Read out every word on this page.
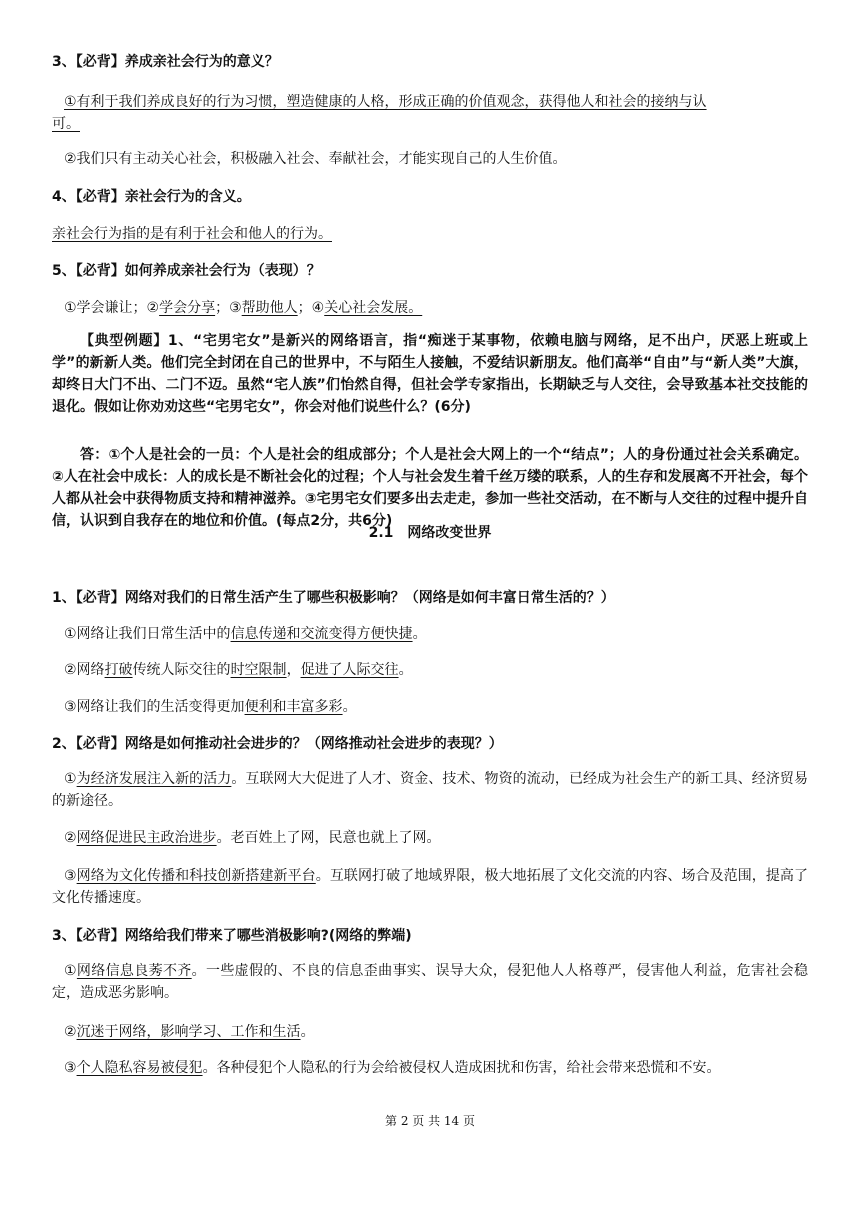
3、【必背】养成亲社会行为的意义？
①有利于我们养成良好的行为习惯，塑造健康的人格，形成正确的价值观念，获得他人和社会的接纳与认
可。
②我们只有主动关心社会，积极融入社会、奉献社会，才能实现自己的人生价值。
4、【必背】亲社会行为的含义。
亲社会行为指的是有利于社会和他人的行为。
5、【必背】如何养成亲社会行为（表现）？
①学会谦让；②学会分享；③帮助他人；④关心社会发展。
【典型例题】1、“宅男宅女”是新兴的网络语言，指“痴迷于某事物，依赖电脑与网络，足不出户，厌恶上班或上学”的新新人类。他们完全封闭在自己的世界中，不与陌生人接触，不爱结识新朋友。他们高举“自由”与“新人类”大旗，却终日大门不出、二门不迈。虽然“宅人族”们怡然自得，但社会学专家指出，长期缺乏与人交往，会导致基本社交技能的退化。假如让你劝劝这些“宅男宅女”，你会对他们说些什么？(6分)
答：①个人是社会的一员：个人是社会的组成部分；个人是社会大网上的一个“结点”；人的身份通过社会关系确定。②人在社会中成长：人的成长是不断社会化的过程；个人与社会发生着千丝万缕的联系，人的生存和发展离不开社会，每个人都从社会中获得物质支持和精神滋养。③宅男宅女们要多出去走走，参加一些社交活动，在不断与人交往的过程中提升自信，认识到自我存在的地位和价值。(每点2分，共6分)
2.1　网络改变世界
1、【必背】网络对我们的日常生活产生了哪些积极影响？（网络是如何丰富日常生活的？）
①网络让我们日常生活中的信息传递和交流变得方便快捷。
②网络打破传统人际交往的时空限制，促进了人际交往。
③网络让我们的生活变得更加便利和丰富多彩。
2、【必背】网络是如何推动社会进步的？（网络推动社会进步的表现？）
①为经济发展注入新的活力。互联网大大促进了人才、资金、技术、物资的流动，已经成为社会生产的新工具、经济贸易的新途径。
②网络促进民主政治进步。老百姓上了网，民意也就上了网。
③网络为文化传播和科技创新搭建新平台。互联网打破了地域界限，极大地拓展了文化交流的内容、场合及范围，提高了文化传播速度。
3、【必背】网络给我们带来了哪些消极影响?(网络的弊端)
①网络信息良莠不齐。一些虚假的、不良的信息歪曲事实、误导大众，侵犯他人人格尊严，侵害他人利益，危害社会稳定，造成恶劣影响。
②沉迷于网络，影响学习、工作和生活。
③个人隐私容易被侵犯。各种侵犯个人隐私的行为会给被侵权人造成困扰和伤害，给社会带来恐慌和不安。
第 2 页 共 14 页
